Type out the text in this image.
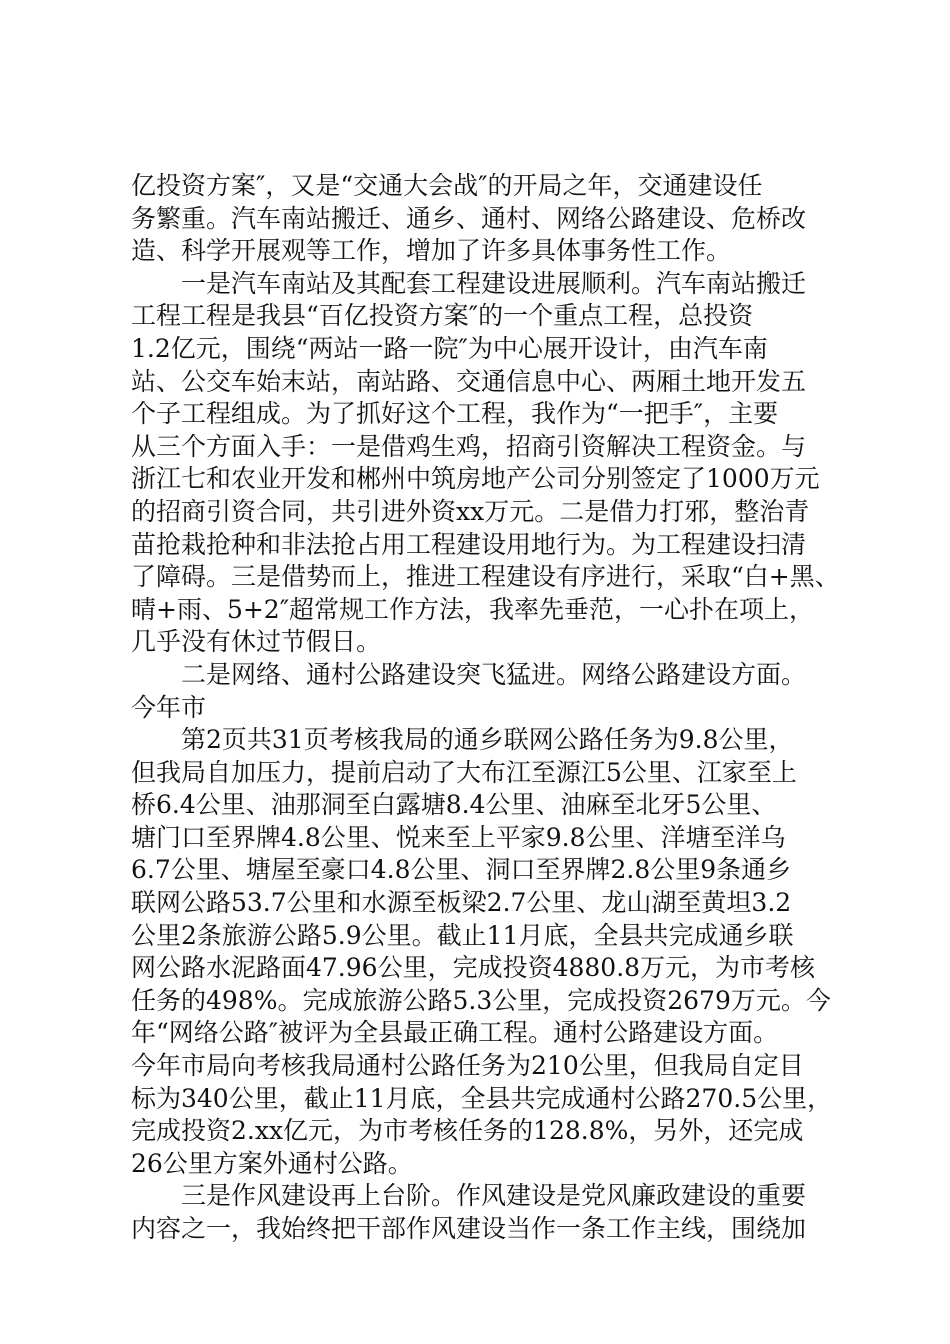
亿投资方案″，又是“交通大会战″的开局之年，交通建设任
务繁重。汽车南站搬迁、通乡、通村、网络公路建设、危桥改
造、科学开展观等工作，增加了许多具体事务性工作。
　　一是汽车南站及其配套工程建设进展顺利。汽车南站搬迁
工程工程是我县“百亿投资方案″的一个重点工程，总投资
1.2亿元，围绕“两站一路一院″为中心展开设计，由汽车南
站、公交车始末站，南站路、交通信息中心、两厢土地开发五
个子工程组成。为了抓好这个工程，我作为“一把手″，主要
从三个方面入手：一是借鸡生鸡，招商引资解决工程资金。与
浙江七和农业开发和郴州中筑房地产公司分别签定了1000万元
的招商引资合同，共引进外资xx万元。二是借力打邪，整治青
苗抢栽抢种和非法抢占用工程建设用地行为。为工程建设扫清
了障碍。三是借势而上，推进工程建设有序进行，采取“白+黑、
晴+雨、5+2″超常规工作方法，我率先垂范，一心扑在项上，
几乎没有休过节假日。
　　二是网络、通村公路建设突飞猛进。网络公路建设方面。
今年市
　　第2页共31页考核我局的通乡联网公路任务为9.8公里，
但我局自加压力，提前启动了大布江至源江5公里、江家至上
桥6.4公里、油那洞至白露塘8.4公里、油麻至北牙5公里、
塘门口至界牌4.8公里、悦来至上平家9.8公里、洋塘至洋乌
6.7公里、塘屋至豪口4.8公里、洞口至界牌2.8公里9条通乡
联网公路53.7公里和水源至板梁2.7公里、龙山湖至黄坦3.2
公里2条旅游公路5.9公里。截止11月底，全县共完成通乡联
网公路水泥路面47.96公里，完成投资4880.8万元，为市考核
任务的498%。完成旅游公路5.3公里，完成投资2679万元。今
年“网络公路″被评为全县最正确工程。通村公路建设方面。
今年市局向考核我局通村公路任务为210公里，但我局自定目
标为340公里，截止11月底，全县共完成通村公路270.5公里，
完成投资2.xx亿元，为市考核任务的128.8%，另外，还完成
26公里方案外通村公路。
　　三是作风建设再上台阶。作风建设是党风廉政建设的重要
内容之一，我始终把干部作风建设当作一条工作主线，围绕加
